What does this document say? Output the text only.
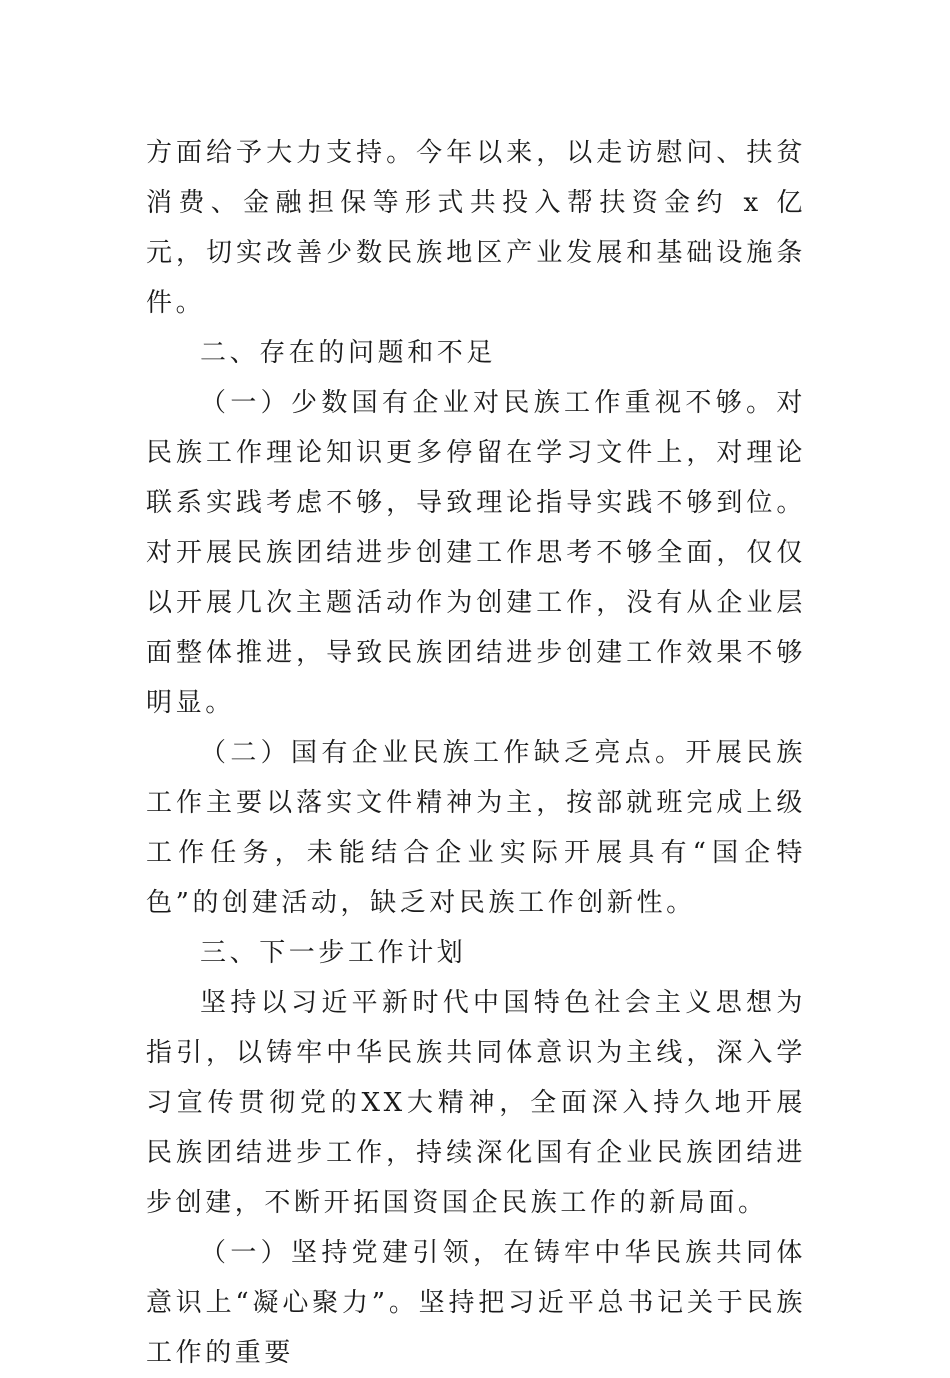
方面给予大力支持。今年以来，以走访慰问、扶贫消费、金融担保等形式共投入帮扶资金约 x 亿元，切实改善少数民族地区产业发展和基础设施条件。

二、存在的问题和不足

（一）少数国有企业对民族工作重视不够。对民族工作理论知识更多停留在学习文件上，对理论联系实践考虑不够，导致理论指导实践不够到位。对开展民族团结进步创建工作思考不够全面，仅仅以开展几次主题活动作为创建工作，没有从企业层面整体推进，导致民族团结进步创建工作效果不够明显。

（二）国有企业民族工作缺乏亮点。开展民族工作主要以落实文件精神为主，按部就班完成上级工作任务，未能结合企业实际开展具有“国企特色”的创建活动，缺乏对民族工作创新性。

三、下一步工作计划

坚持以习近平新时代中国特色社会主义思想为指引，以铸牢中华民族共同体意识为主线，深入学习宣传贯彻党的XX大精神，全面深入持久地开展民族团结进步工作，持续深化国有企业民族团结进步创建，不断开拓国资国企民族工作的新局面。

（一）坚持党建引领，在铸牢中华民族共同体意识上“凝心聚力”。坚持把习近平总书记关于民族工作的重要
